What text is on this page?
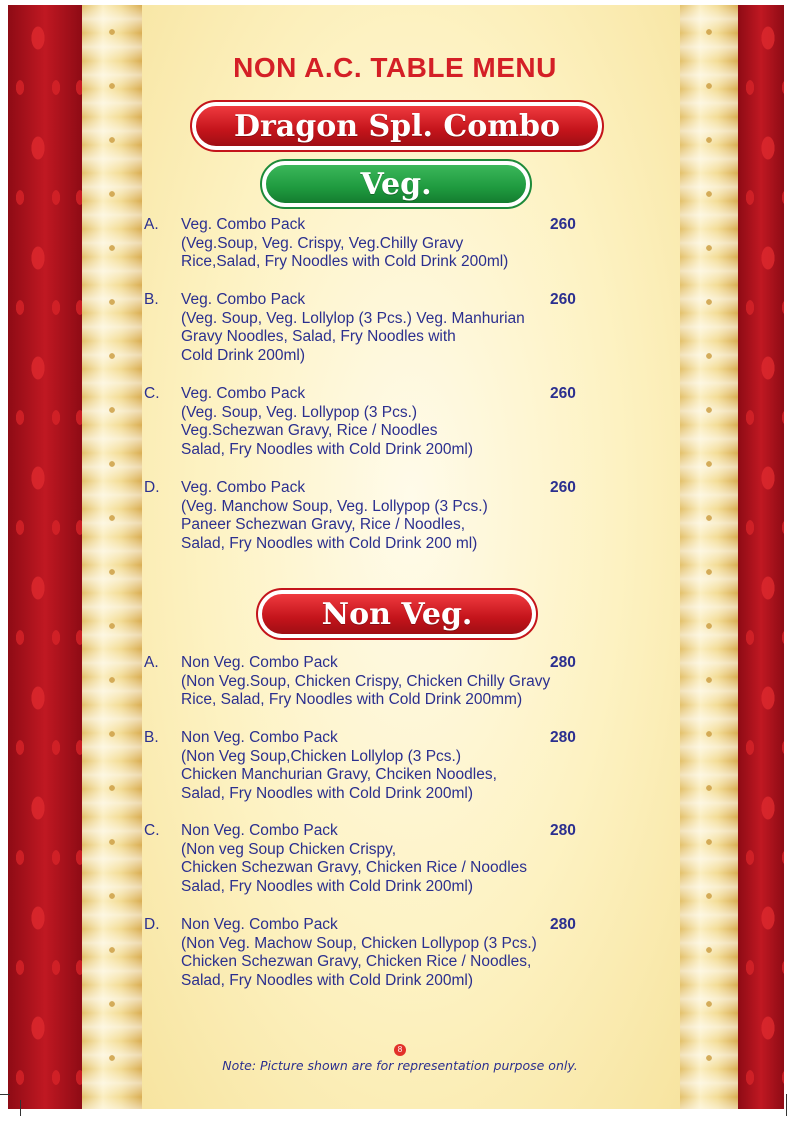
NON A.C. TABLE MENU
Dragon Spl. Combo
Veg.
A. Veg. Combo Pack
(Veg.Soup, Veg. Crispy, Veg.Chilly Gravy
Rice,Salad, Fry Noodles with Cold Drink 200ml)
260
B. Veg. Combo Pack
(Veg. Soup, Veg. Lollylop (3 Pcs.) Veg. Manhurian
Gravy Noodles, Salad, Fry Noodles with
Cold Drink 200ml)
260
C. Veg. Combo Pack
(Veg. Soup, Veg. Lollypop (3 Pcs.)
Veg.Schezwan Gravy, Rice / Noodles
Salad, Fry Noodles with Cold Drink 200ml)
260
D. Veg. Combo Pack
(Veg. Manchow Soup, Veg. Lollypop (3 Pcs.)
Paneer Schezwan Gravy, Rice / Noodles,
Salad, Fry Noodles with Cold Drink 200 ml)
260
Non Veg.
A. Non Veg. Combo Pack
(Non Veg.Soup, Chicken Crispy, Chicken Chilly Gravy
Rice, Salad, Fry Noodles with Cold Drink 200mm)
280
B. Non Veg. Combo Pack
(Non Veg Soup,Chicken Lollylop (3 Pcs.)
Chicken Manchurian Gravy, Chciken Noodles,
Salad, Fry Noodles with Cold Drink 200ml)
280
C. Non Veg. Combo Pack
(Non veg Soup Chicken Crispy,
Chicken Schezwan Gravy, Chicken Rice / Noodles
Salad, Fry Noodles with Cold Drink 200ml)
280
D. Non Veg. Combo Pack
(Non Veg. Machow Soup, Chicken Lollypop (3 Pcs.)
Chicken Schezwan Gravy, Chicken Rice / Noodles,
Salad, Fry Noodles with Cold Drink 200ml)
280
8
Note: Picture shown are for representation purpose only.
